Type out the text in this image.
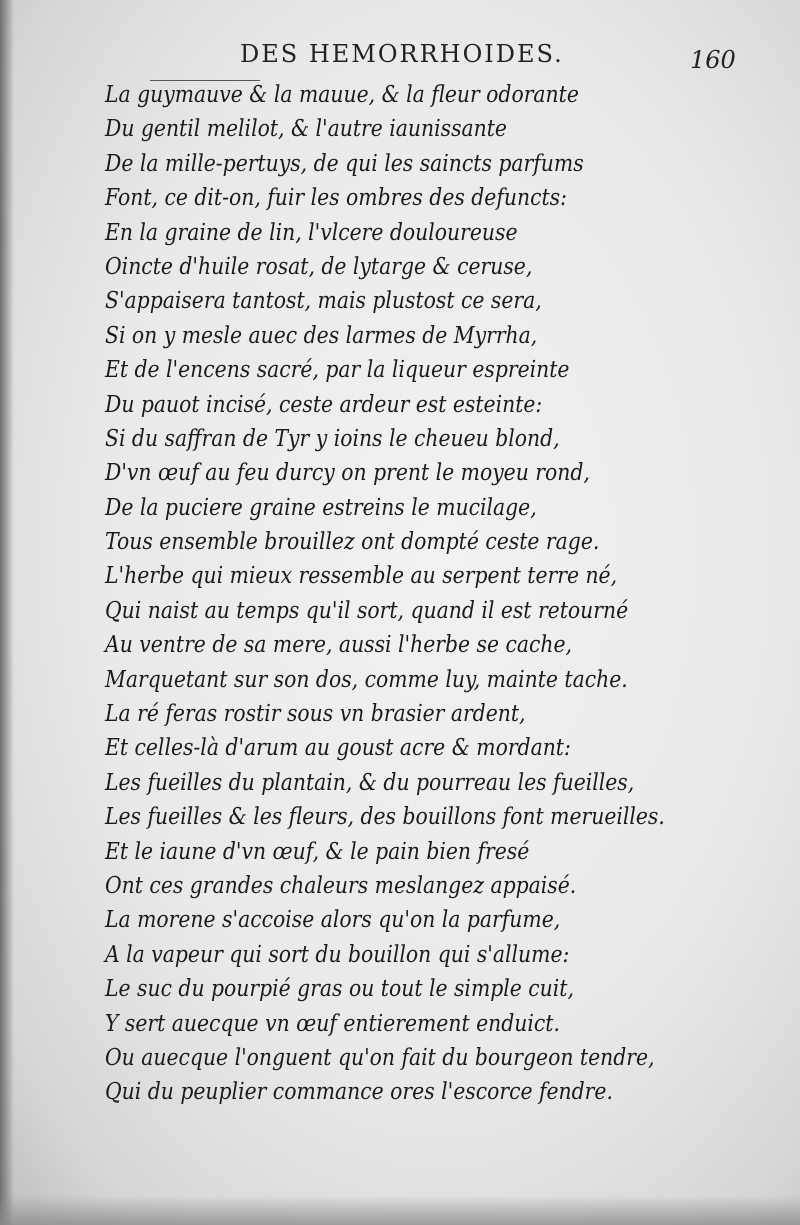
DES HEMORRHOIDES.	160
La guymauve & la mauue, & la fleur odorante
Du gentil melilot, & l'autre iaunissante
De la mille-pertuys, de qui les saincts parfums
Font, ce dit-on, fuir les ombres des defuncts:
En la graine de lin, l'vlcere douloureuse
Oincte d'huile rosat, de lytarge & ceruse,
S'appaisera tantost, mais plustost ce sera,
Si on y mesle auec des larmes de Myrrha,
Et de l'encens sacré, par la liqueur espreinte
Du pauot incisé, ceste ardeur est esteinte:
Si du saffran de Tyr y ioins le cheueu blond,
D'vn œuf au feu durcy on prent le moyeu rond,
De la puciere graine estreins le mucilage,
Tous ensemble brouillez ont dompté ceste rage.
L'herbe qui mieux ressemble au serpent terre né,
Qui naist au temps qu'il sort, quand il est retourné
Au ventre de sa mere, aussi l'herbe se cache,
Marquetant sur son dos, comme luy, mainte tache.
La ré feras rostir sous vn brasier ardent,
Et celles-là d'arum au goust acre & mordant:
Les fueilles du plantain, & du pourreau les fueilles,
Les fueilles & les fleurs, des bouillons font merueilles.
Et le iaune d'vn œuf, & le pain bien fresé
Ont ces grandes chaleurs meslangez appaisé.
La morene s'accoise alors qu'on la parfume,
A la vapeur qui sort du bouillon qui s'allume:
Le suc du pourpié gras ou tout le simple cuit,
Y sert auecque vn œuf entierement enduict.
Ou auecque l'onguent qu'on fait du bourgeon tendre,
Qui du peuplier commance ores l'escorce fendre.
